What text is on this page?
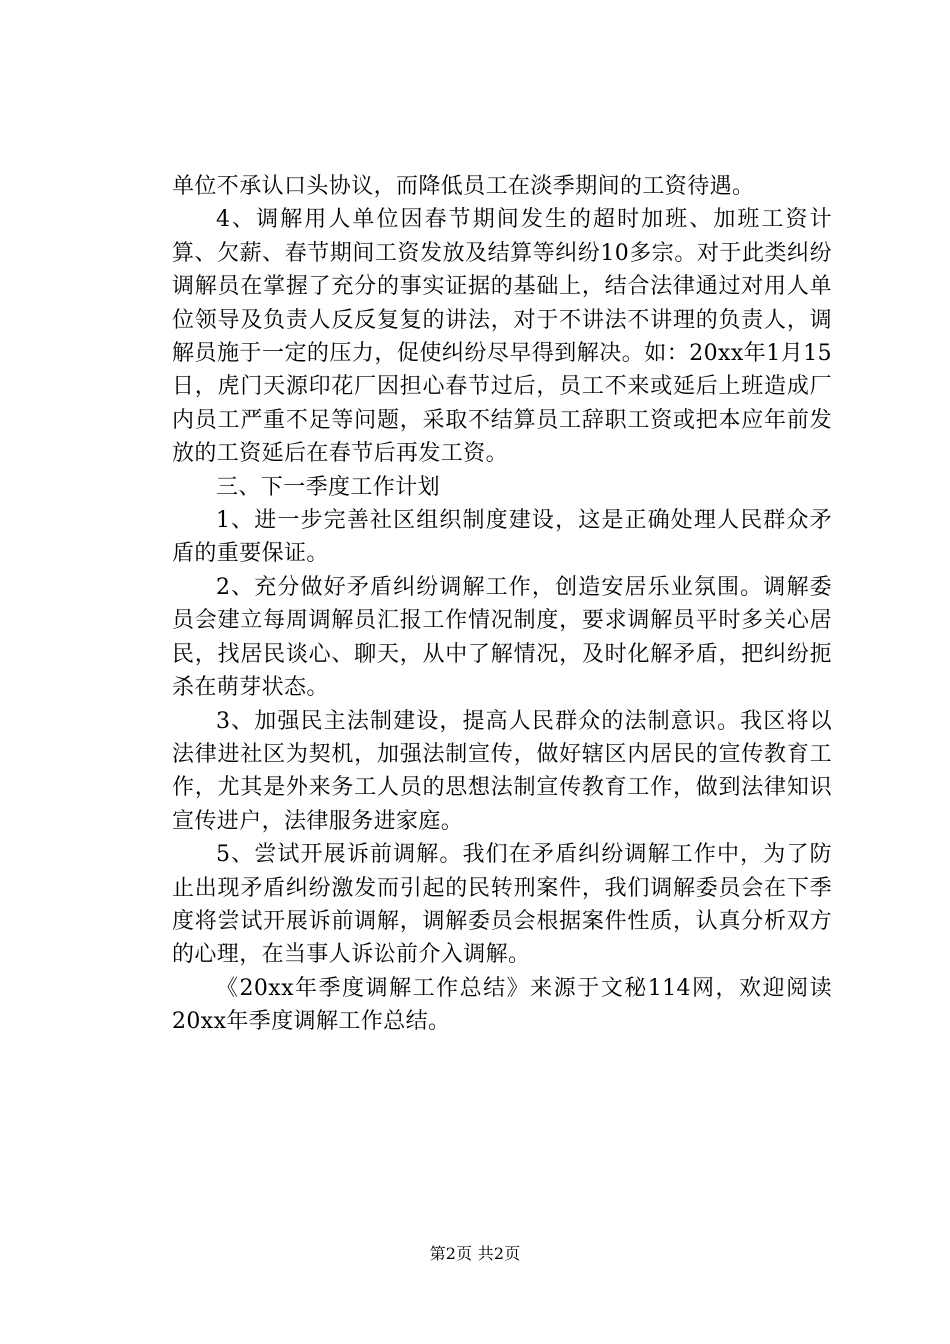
单位不承认口头协议，而降低员工在淡季期间的工资待遇。

4、调解用人单位因春节期间发生的超时加班、加班工资计算、欠薪、春节期间工资发放及结算等纠纷10多宗。对于此类纠纷调解员在掌握了充分的事实证据的基础上，结合法律通过对用人单位领导及负责人反反复复的讲法，对于不讲法不讲理的负责人，调解员施于一定的压力，促使纠纷尽早得到解决。如：20xx年1月15日，虎门天源印花厂因担心春节过后，员工不来或延后上班造成厂内员工严重不足等问题，采取不结算员工辞职工资或把本应年前发放的工资延后在春节后再发工资。

三、下一季度工作计划

1、进一步完善社区组织制度建设，这是正确处理人民群众矛盾的重要保证。

2、充分做好矛盾纠纷调解工作，创造安居乐业氛围。调解委员会建立每周调解员汇报工作情况制度，要求调解员平时多关心居民，找居民谈心、聊天，从中了解情况，及时化解矛盾，把纠纷扼杀在萌芽状态。

3、加强民主法制建设，提高人民群众的法制意识。我区将以法律进社区为契机，加强法制宣传，做好辖区内居民的宣传教育工作，尤其是外来务工人员的思想法制宣传教育工作，做到法律知识宣传进户，法律服务进家庭。

5、尝试开展诉前调解。我们在矛盾纠纷调解工作中，为了防止出现矛盾纠纷激发而引起的民转刑案件，我们调解委员会在下季度将尝试开展诉前调解，调解委员会根据案件性质，认真分析双方的心理，在当事人诉讼前介入调解。

《20xx年季度调解工作总结》来源于文秘114网，欢迎阅读20xx年季度调解工作总结。

第2页 共2页
